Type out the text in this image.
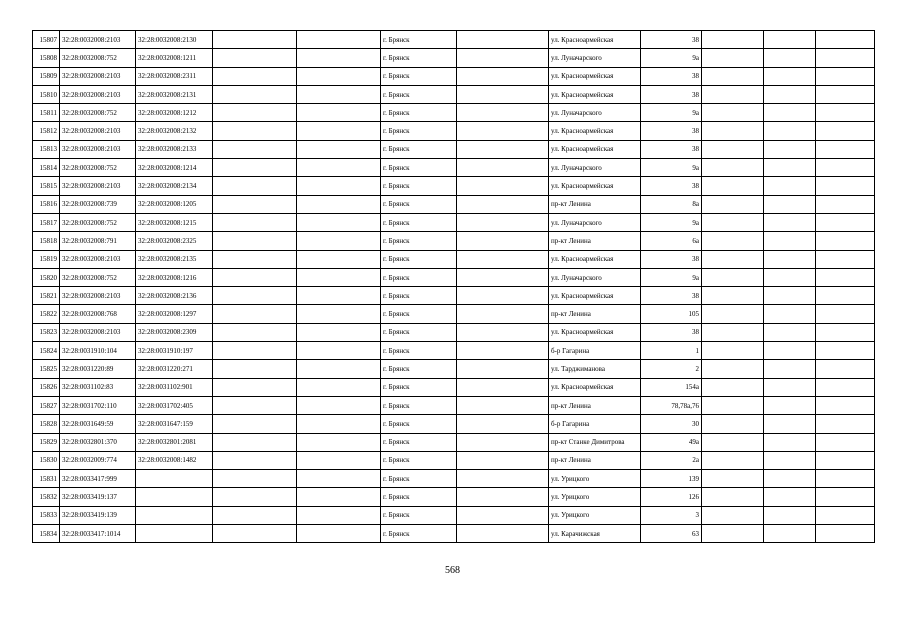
15807	32:28:0032008:2103	32:28:0032008:2130			г. Брянск		ул. Красноармейская	38			
15808	32:28:0032008:752	32:28:0032008:1211			г. Брянск		ул. Луначарского	9а			
15809	32:28:0032008:2103	32:28:0032008:2311			г. Брянск		ул. Красноармейская	38			
15810	32:28:0032008:2103	32:28:0032008:2131			г. Брянск		ул. Красноармейская	38			
15811	32:28:0032008:752	32:28:0032008:1212			г. Брянск		ул. Луначарского	9а			
15812	32:28:0032008:2103	32:28:0032008:2132			г. Брянск		ул. Красноармейская	38			
15813	32:28:0032008:2103	32:28:0032008:2133			г. Брянск		ул. Красноармейская	38			
15814	32:28:0032008:752	32:28:0032008:1214			г. Брянск		ул. Луначарского	9а			
15815	32:28:0032008:2103	32:28:0032008:2134			г. Брянск		ул. Красноармейская	38			
15816	32:28:0032008:739	32:28:0032008:1205			г. Брянск		пр-кт Ленина	8а			
15817	32:28:0032008:752	32:28:0032008:1215			г. Брянск		ул. Луначарского	9а			
15818	32:28:0032008:791	32:28:0032008:2325			г. Брянск		пр-кт Ленина	6а			
15819	32:28:0032008:2103	32:28:0032008:2135			г. Брянск		ул. Красноармейская	38			
15820	32:28:0032008:752	32:28:0032008:1216			г. Брянск		ул. Луначарского	9а			
15821	32:28:0032008:2103	32:28:0032008:2136			г. Брянск		ул. Красноармейская	38			
15822	32:28:0032008:768	32:28:0032008:1297			г. Брянск		пр-кт Ленина	105			
15823	32:28:0032008:2103	32:28:0032008:2309			г. Брянск		ул. Красноармейская	38			
15824	32:28:0031910:104	32:28:0031910:197			г. Брянск		б-р Гагарина	1			
15825	32:28:0031220:89	32:28:0031220:271			г. Брянск		ул. Тарджиманова	2			
15826	32:28:0031102:83	32:28:0031102:901			г. Брянск		ул. Красноармейская	154а			
15827	32:28:0031702:110	32:28:0031702:405			г. Брянск		пр-кт Ленина	78,78а,76			
15828	32:28:0031649:59	32:28:0031647:159			г. Брянск		б-р Гагарина	30			
15829	32:28:0032801:370	32:28:0032801:2081			г. Брянск		пр-кт Станке Димитрова	49а			
15830	32:28:0032009:774	32:28:0032008:1482			г. Брянск		пр-кт Ленина	2а			
15831	32:28:0033417:999				г. Брянск		ул. Урицкого	139			
15832	32:28:0033419:137				г. Брянск		ул. Урицкого	126			
15833	32:28:0033419:139				г. Брянск		ул. Урицкого	3			
15834	32:28:0033417:1014				г. Брянск		ул. Карачижская	63			
568
